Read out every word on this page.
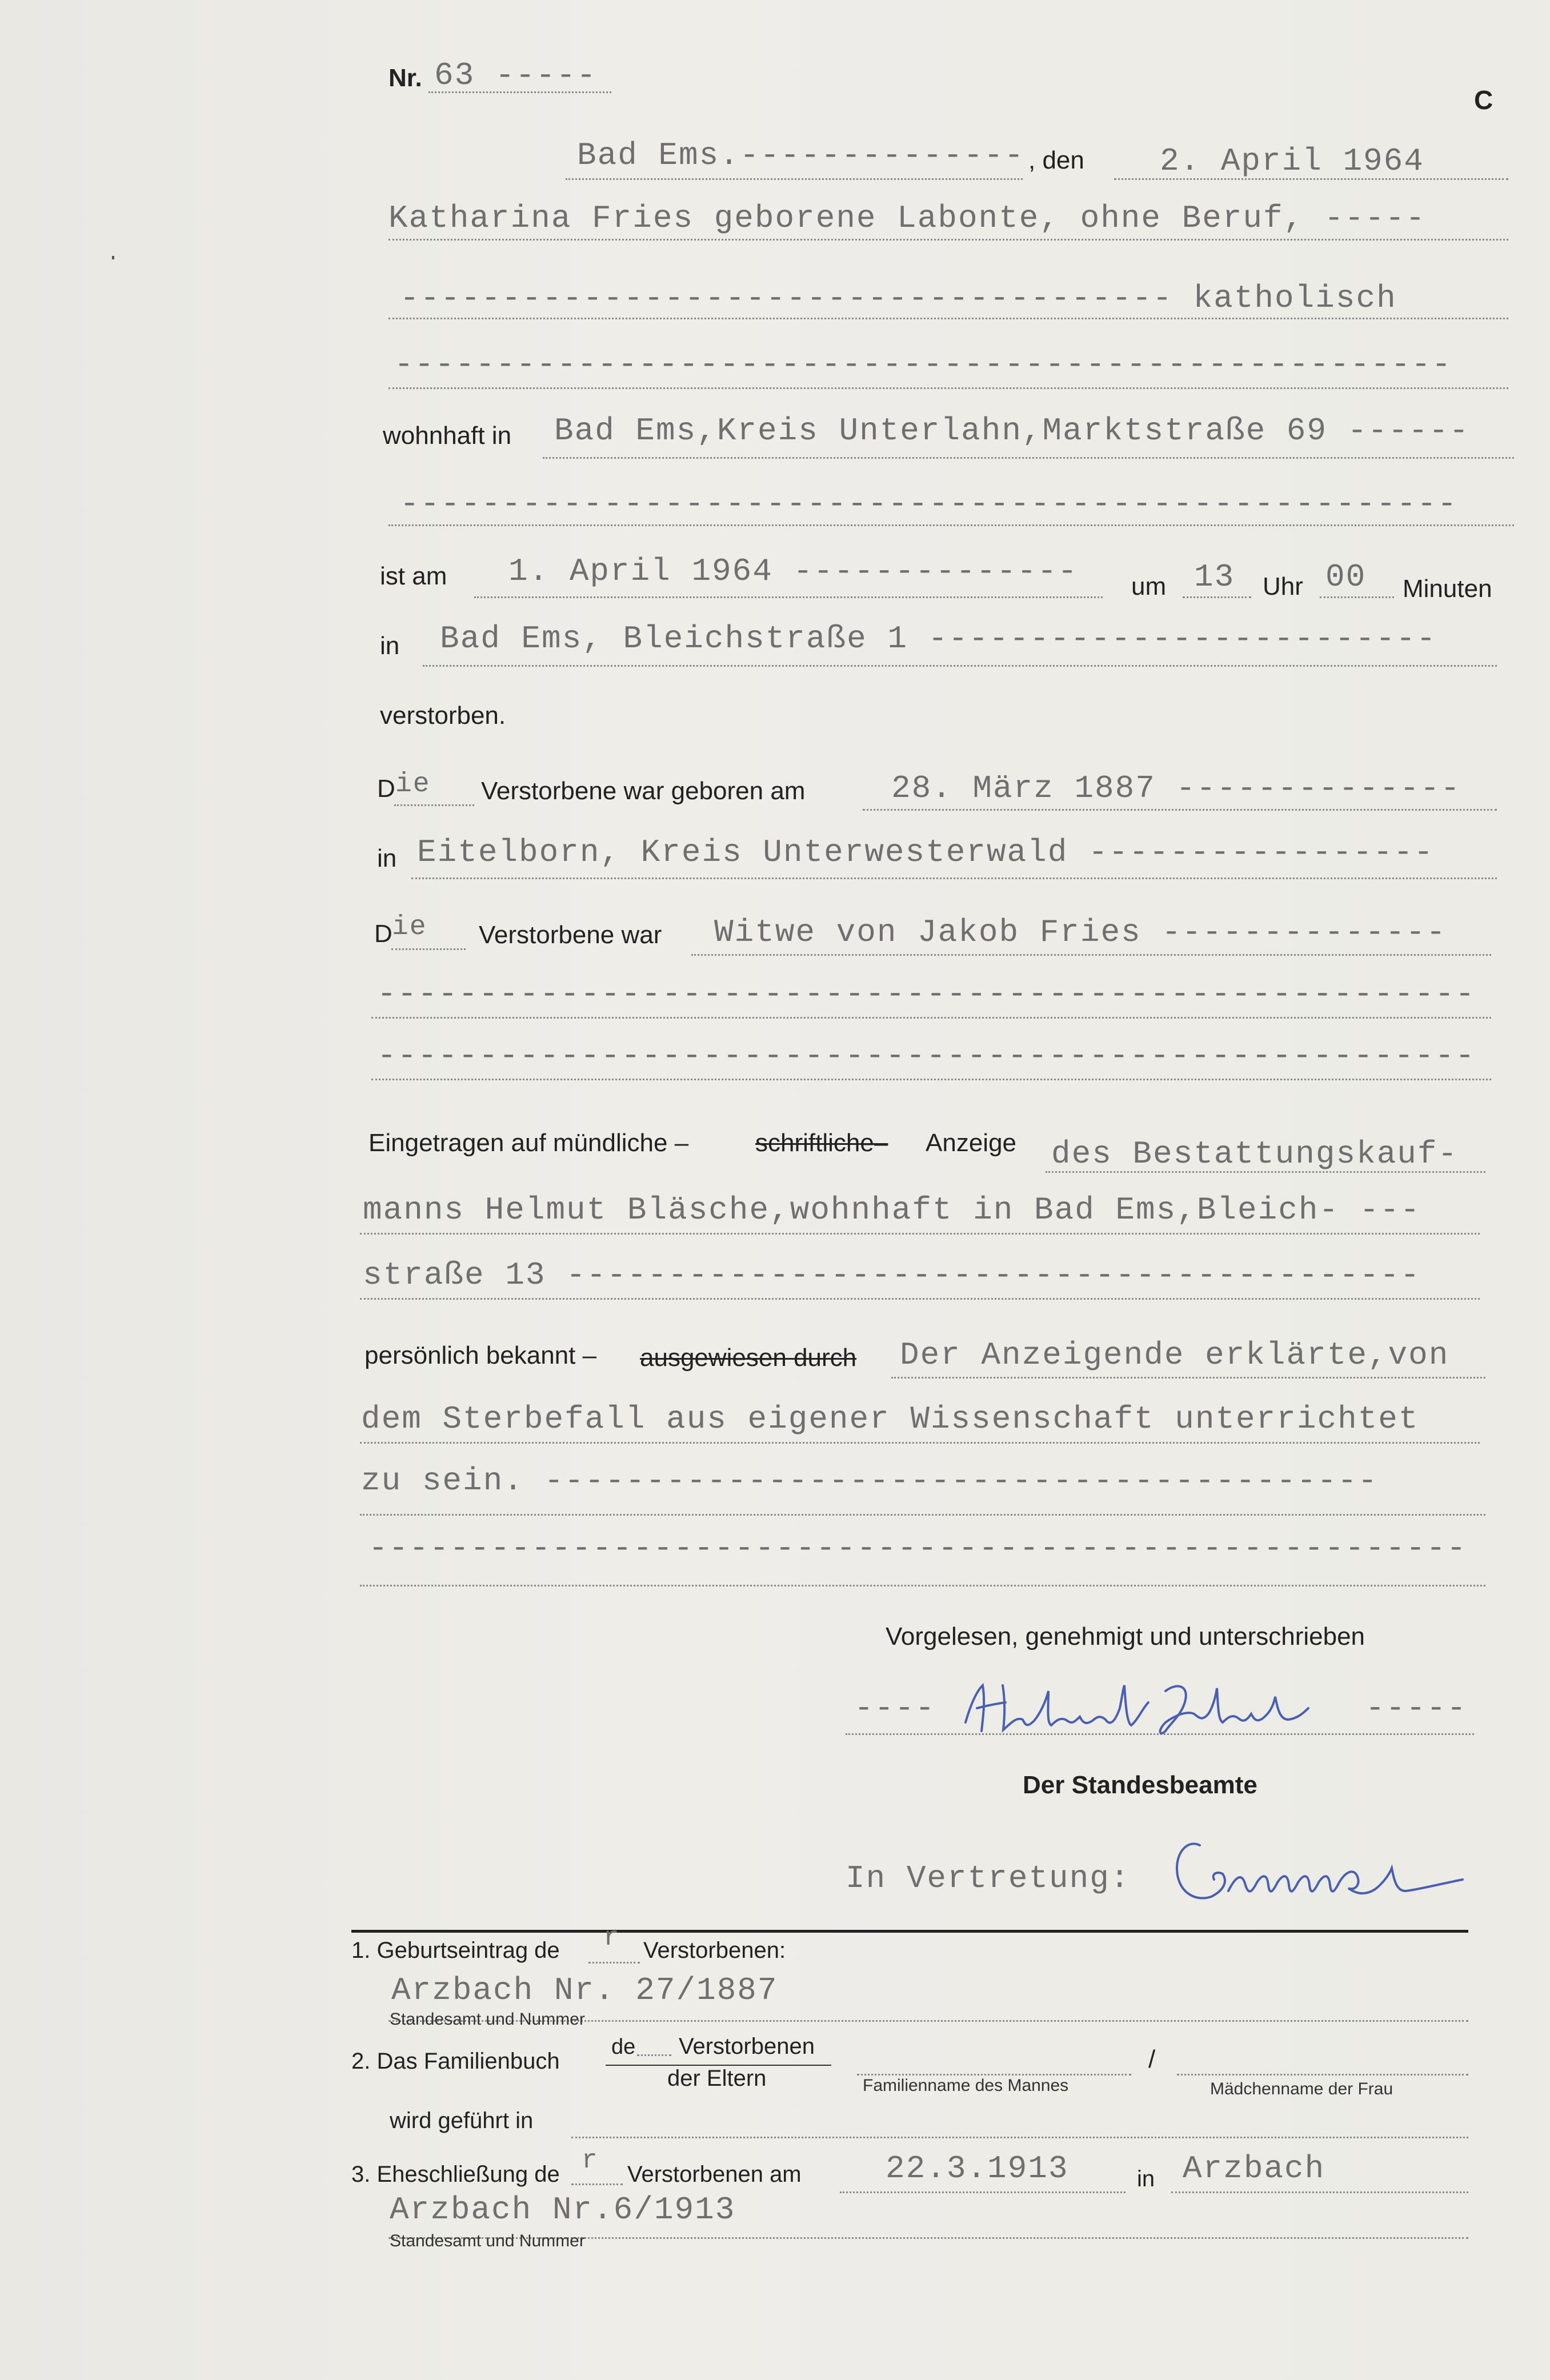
Nr. 63 -----
C
Bad Ems.-------------- , den 2. April 1964
Katharina Fries geborene Labonte, ohne Beruf, -----
-------------------------------------- katholisch
----------------------------------------------------
wohnhaft in Bad Ems,Kreis Unterlahn,Marktstraße 69 ------
----------------------------------------------------
ist am 1. April 1964 -------------- um 13 Uhr 00 Minuten
in Bad Ems, Bleichstraße 1 -------------------------
verstorben.
D ie Verstorbene war geboren am	28. März 1887 --------------
in Eitelborn, Kreis Unterwesterwald -----------------
D ie Verstorbene war Witwe von Jakob Fries --------------
------------------------------------------------------
------------------------------------------------------
Eingetragen auf mündliche –	schriftliche– Anzeige des Bestattungskauf-
manns Helmut Bläsche,wohnhaft in Bad Ems,Bleich- ---
straße 13 ------------------------------------------
persönlich bekannt – ausgewiesen durch Der Anzeigende erklärte,von
dem Sterbefall aus eigener Wissenschaft unterrichtet
zu sein. -----------------------------------------
------------------------------------------------------
Vorgelesen, genehmigt und unterschrieben
----	-----
Der Standesbeamte
In Vertretung:
1. Geburtseintrag de r Verstorbenen:
Arzbach Nr. 27/1887
Standesamt und Nummer
2. Das Familienbuch
de Verstorbenen
der Eltern
/
Familienname des Mannes	Mädchenname der Frau
wird geführt in
3. Eheschließung de r Verstorbenen am	22.3.1913	in Arzbach
Arzbach Nr.6/1913
Standesamt und Nummer
